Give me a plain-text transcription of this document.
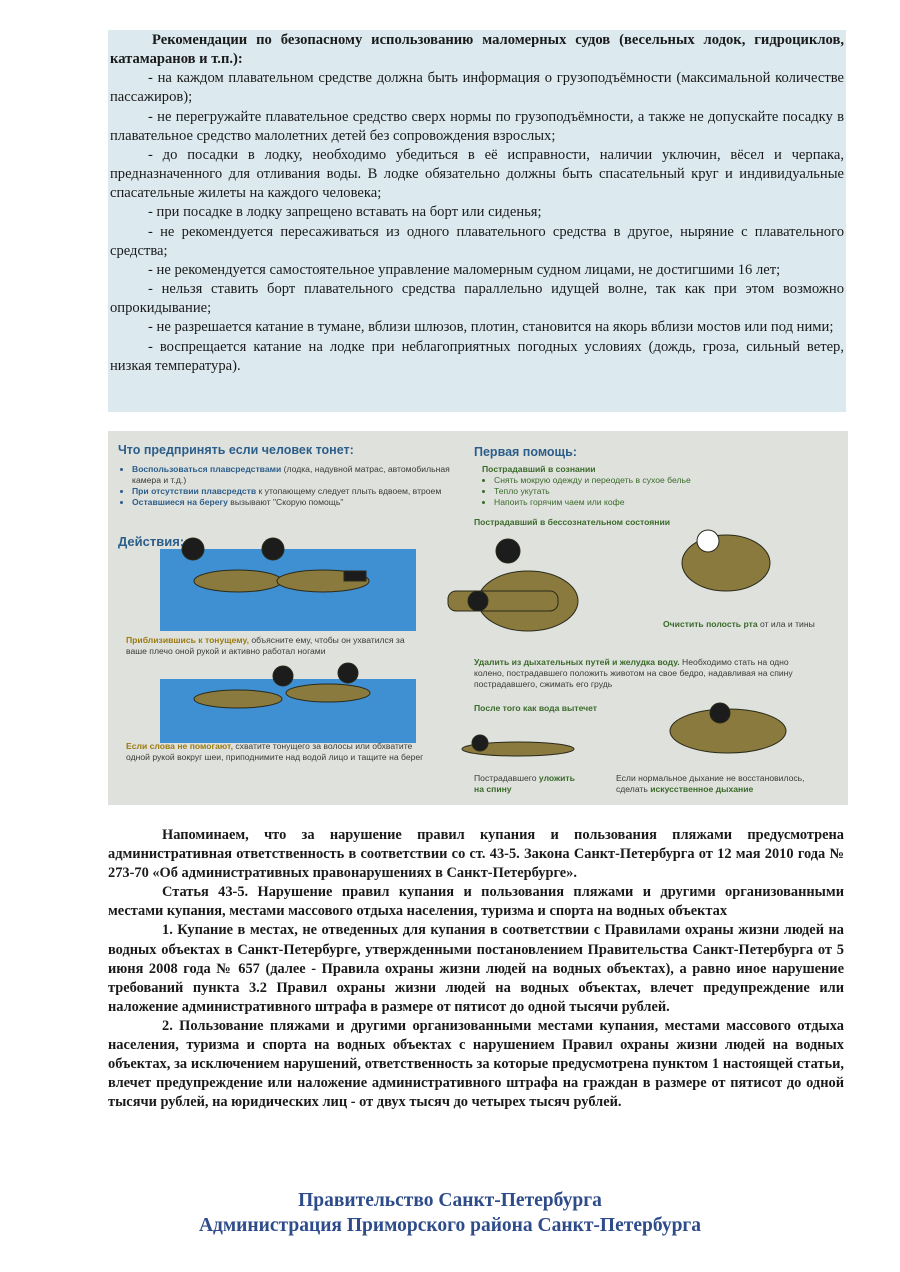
Рекомендации по безопасному использованию маломерных судов (весельных лодок, гидроциклов, катамаранов и т.п.):

- на каждом плавательном средстве должна быть информация о грузоподъёмности (максимальной количестве пассажиров);

- не перегружайте плавательное средство сверх нормы по грузоподъёмности, а также не допускайте посадку в плавательное средство малолетних детей без сопровождения взрослых;

- до посадки в лодку, необходимо убедиться в её исправности, наличии уключин, вёсел и черпака, предназначенного для отливания воды. В лодке обязательно должны быть спасательный круг и индивидуальные спасательные жилеты на каждого человека;

- при посадке в лодку запрещено вставать на борт или сиденья;

- не рекомендуется пересаживаться из одного плавательного средства в другое, ныряние с плавательного средства;

- не рекомендуется самостоятельное управление маломерным судном лицами, не достигшими 16 лет;

- нельзя ставить борт плавательного средства параллельно идущей волне, так как при этом возможно опрокидывание;

- не разрешается катание в тумане, вблизи шлюзов, плотин, становится на якорь вблизи мостов или под ними;

- воспрещается катание на лодке при неблагоприятных погодных условиях (дождь, гроза, сильный ветер, низкая температура).

Что предпринять если человек тонет:
• Воспользоваться плавсредствами (лодка, надувной матрас, автомобильная камера и т.д.)
• При отсутствии плавсредств к утопающему следует плыть вдвоем, втроем
• Оставшиеся на берегу вызывают "Скорую помощь"
Действия:
Приблизившись к тонущему, объясните ему, чтобы он ухватился за ваше плечо оной рукой и активно работал ногами
Если слова не помогают, схватите тонущего за волосы или обхватите одной рукой вокруг шеи, приподнимите над водой лицо и тащите на берег
Первая помощь:
Пострадавший в сознании
• Снять мокрую одежду и переодеть в сухое белье
• Тепло укутать
• Напоить горячим чаем или кофе
Пострадавший в бессознательном состоянии
Очистить полость рта от ила и тины
Удалить из дыхательных путей и желудка воду. Необходимо стать на одно колено, пострадавшего положить животом на свое бедро, надавливая на спину пострадавшего, сжимать его грудь
После того как вода вытечет
Пострадавшего уложить на спину
Если нормальное дыхание не восстановилось, сделать искусственное дыхание

Напоминаем, что за нарушение правил купания и пользования пляжами предусмотрена административная ответственность в соответствии со ст. 43-5. Закона Санкт-Петербурга от 12 мая 2010 года № 273-70 «Об административных правонарушениях в Санкт-Петербурге».

Статья 43-5. Нарушение правил купания и пользования пляжами и другими организованными местами купания, местами массового отдыха населения, туризма и спорта на водных объектах

1. Купание в местах, не отведенных для купания в соответствии с Правилами охраны жизни людей на водных объектах в Санкт-Петербурге, утвержденными постановлением Правительства Санкт-Петербурга от 5 июня 2008 года № 657 (далее - Правила охраны жизни людей на водных объектах), а равно иное нарушение требований пункта 3.2 Правил охраны жизни людей на водных объектах, влечет предупреждение или наложение административного штрафа в размере от пятисот до одной тысячи рублей.

2. Пользование пляжами и другими организованными местами купания, местами массового отдыха населения, туризма и спорта на водных объектах с нарушением Правил охраны жизни людей на водных объектах, за исключением нарушений, ответственность за которые предусмотрена пунктом 1 настоящей статьи, влечет предупреждение или наложение административного штрафа на граждан в размере от пятисот до одной тысячи рублей, на юридических лиц - от двух тысяч до четырех тысяч рублей.

Правительство Санкт-Петербурга
Администрация Приморского района Санкт-Петербурга
